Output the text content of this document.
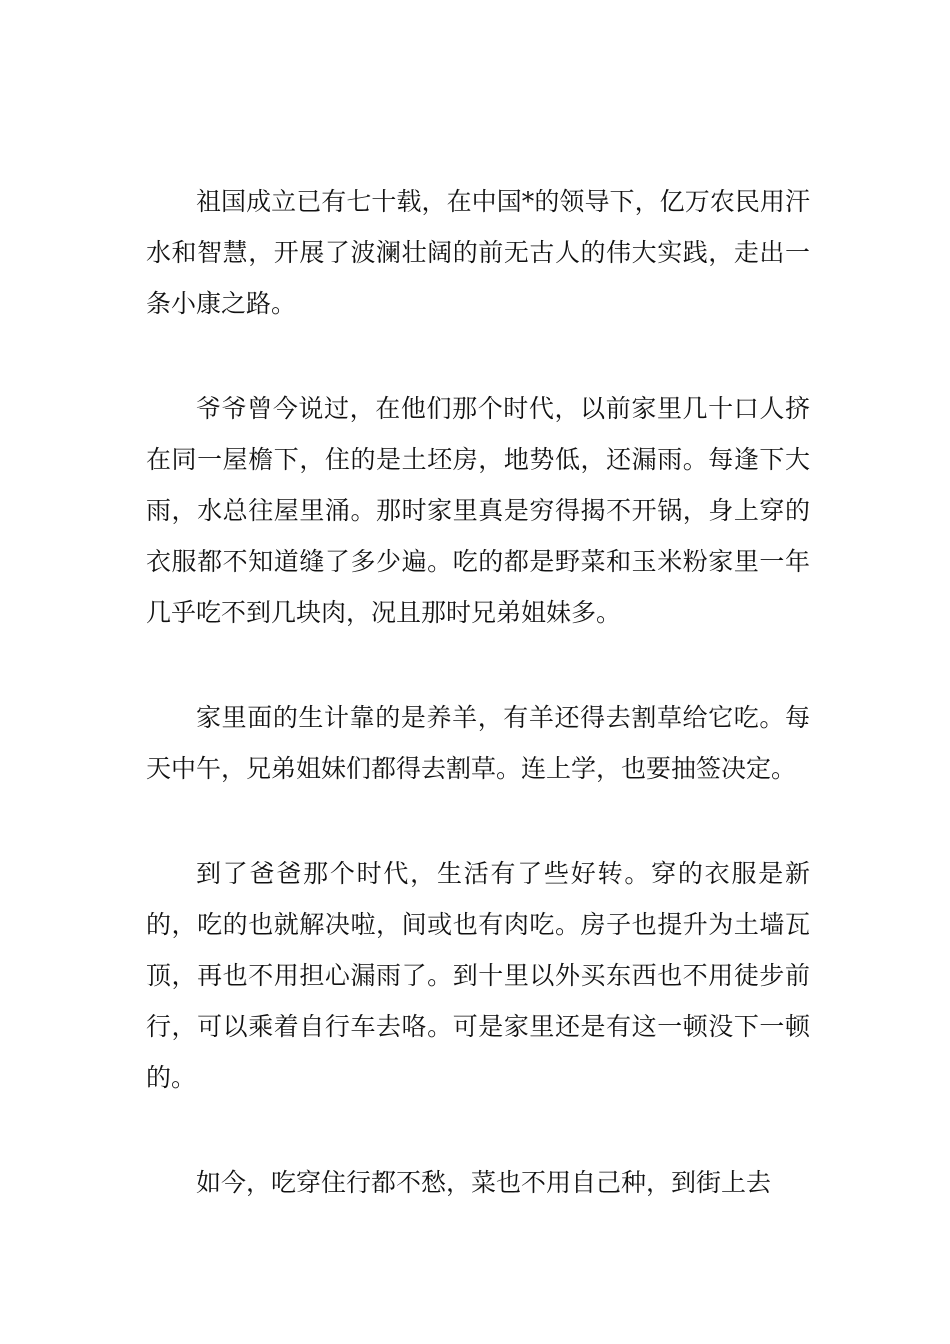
祖国成立已有七十载，在中国*的领导下，亿万农民用汗水和智慧，开展了波澜壮阔的前无古人的伟大实践，走出一条小康之路。

爷爷曾今说过，在他们那个时代，以前家里几十口人挤在同一屋檐下，住的是土坯房，地势低，还漏雨。每逢下大雨，水总往屋里涌。那时家里真是穷得揭不开锅，身上穿的衣服都不知道缝了多少遍。吃的都是野菜和玉米粉家里一年几乎吃不到几块肉，况且那时兄弟姐妹多。

家里面的生计靠的是养羊，有羊还得去割草给它吃。每天中午，兄弟姐妹们都得去割草。连上学，也要抽签决定。

到了爸爸那个时代，生活有了些好转。穿的衣服是新的，吃的也就解决啦，间或也有肉吃。房子也提升为土墙瓦顶，再也不用担心漏雨了。到十里以外买东西也不用徒步前行，可以乘着自行车去咯。可是家里还是有这一顿没下一顿的。

如今，吃穿住行都不愁，菜也不用自己种，到街上去
